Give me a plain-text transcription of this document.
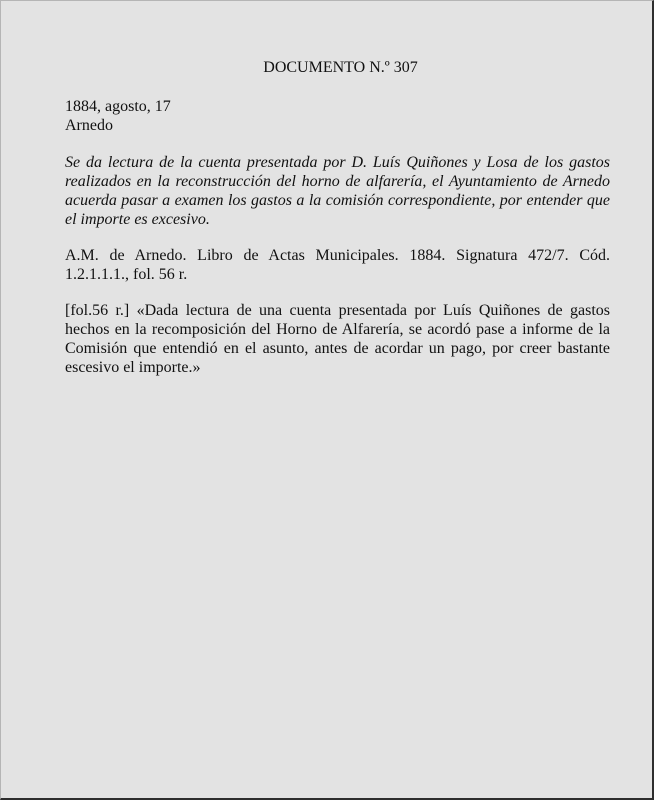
DOCUMENTO N.º 307
1884, agosto, 17
Arnedo

Se da lectura de la cuenta presentada por D. Luís Quiñones y Losa de los gastos realizados en la reconstrucción del horno de alfarería, el Ayuntamiento de Arnedo acuerda pasar a examen los gastos a la comisión correspondiente, por entender que el importe es excesivo.

A.M. de Arnedo. Libro de Actas Municipales. 1884. Signatura 472/7. Cód. 1.2.1.1.1., fol. 56 r.

[fol.56 r.] «Dada lectura de una cuenta presentada por Luís Quiñones de gastos hechos en la recomposición del Horno de Alfarería, se acordó pase a informe de la Comisión que entendió en el asunto, antes de acordar un pago, por creer bastante escesivo el importe.»
